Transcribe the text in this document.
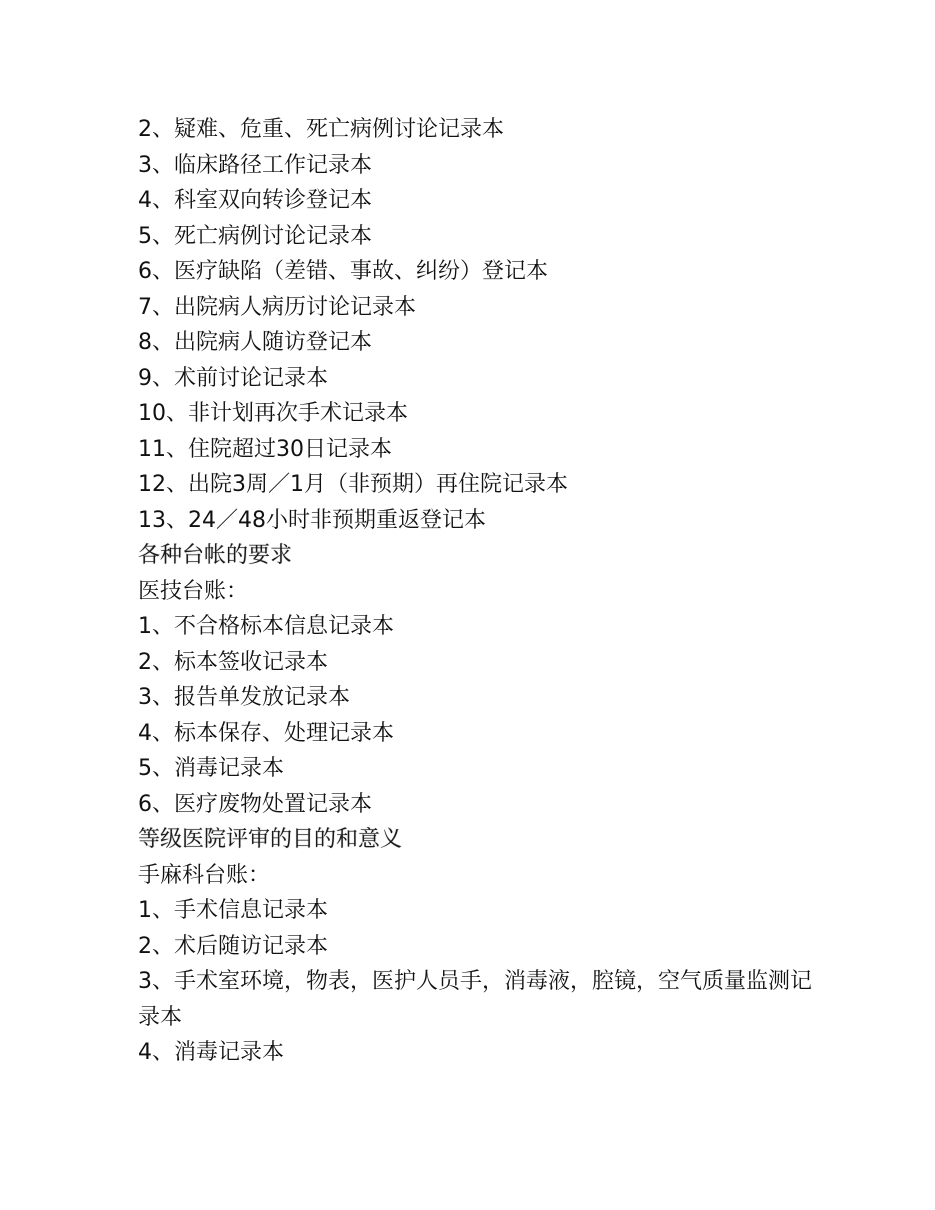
2、疑难、危重、死亡病例讨论记录本

3、临床路径工作记录本

4、科室双向转诊登记本

5、死亡病例讨论记录本

6、医疗缺陷（差错、事故、纠纷）登记本

7、出院病人病历讨论记录本

8、出院病人随访登记本

9、术前讨论记录本

10、非计划再次手术记录本

11、住院超过30日记录本

12、出院3周／1月（非预期）再住院记录本

13、24／48小时非预期重返登记本

各种台帐的要求

医技台账：

1、不合格标本信息记录本

2、标本签收记录本

3、报告单发放记录本

4、标本保存、处理记录本

5、消毒记录本

6、医疗废物处置记录本

等级医院评审的目的和意义

手麻科台账：

1、手术信息记录本

2、术后随访记录本

3、手术室环境，物表，医护人员手，消毒液，腔镜，空气质量监测记录本

4、消毒记录本
